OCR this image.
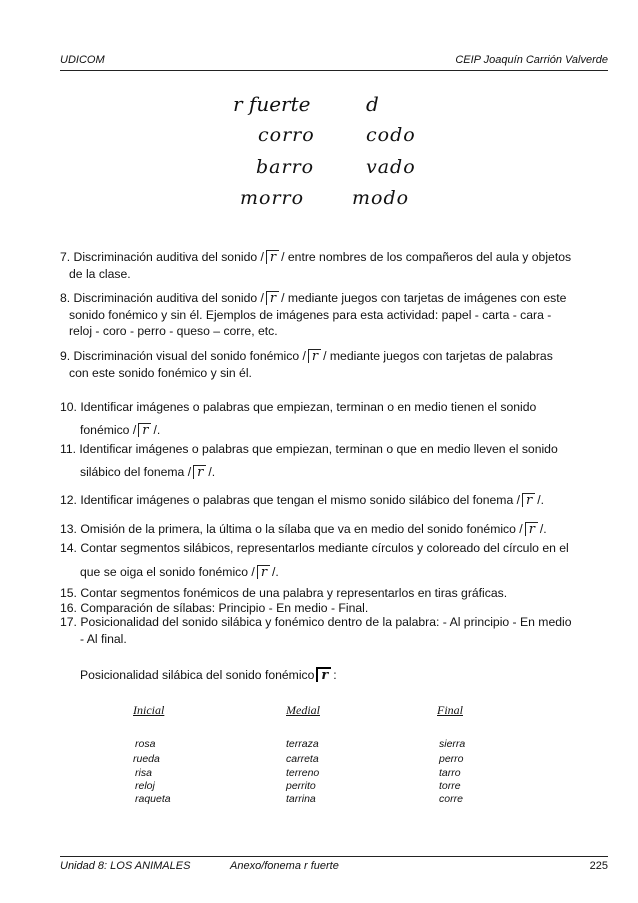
UDICOM	CEIP Joaquín Carrión Valverde
r fuerte	d
corro	codo
barro	vado
morro	modo
7. Discriminación auditiva del sonido / r / entre nombres de los compañeros del aula y objetos
de la clase.
8. Discriminación auditiva del sonido / r / mediante juegos con tarjetas de imágenes con este
sonido fonémico y sin él. Ejemplos de imágenes para esta actividad: papel - carta - cara -
reloj - coro - perro - queso – corre, etc.
9. Discriminación visual del sonido fonémico / r / mediante juegos con tarjetas de palabras
con este sonido fonémico y sin él.
10. Identificar imágenes o palabras que empiezan, terminan o en medio tienen el sonido
fonémico / r /.
11. Identificar imágenes o palabras que empiezan, terminan o que en medio lleven el sonido
silábico del fonema / r /.
12. Identificar imágenes o palabras que tengan el mismo sonido silábico del fonema / r /.
13. Omisión de la primera, la última o la sílaba que va en medio del sonido fonémico / r /.
14. Contar segmentos silábicos, representarlos mediante círculos y coloreado del círculo en el
que se oiga el sonido fonémico / r /.
15. Contar segmentos fonémicos de una palabra y representarlos en tiras gráficas.
16. Comparación de sílabas: Principio - En medio - Final.
17. Posicionalidad del sonido silábica y fonémico dentro de la palabra: - Al principio - En medio
- Al final.
Posicionalidad silábica del sonido fonémico r :
Inicial	Medial	Final
rosa	terraza	sierra
rueda	carreta	perro
risa	terreno	tarro
reloj	perrito	torre
raqueta	tarrina	corre
Unidad 8: LOS ANIMALES	Anexo/fonema r fuerte	225
